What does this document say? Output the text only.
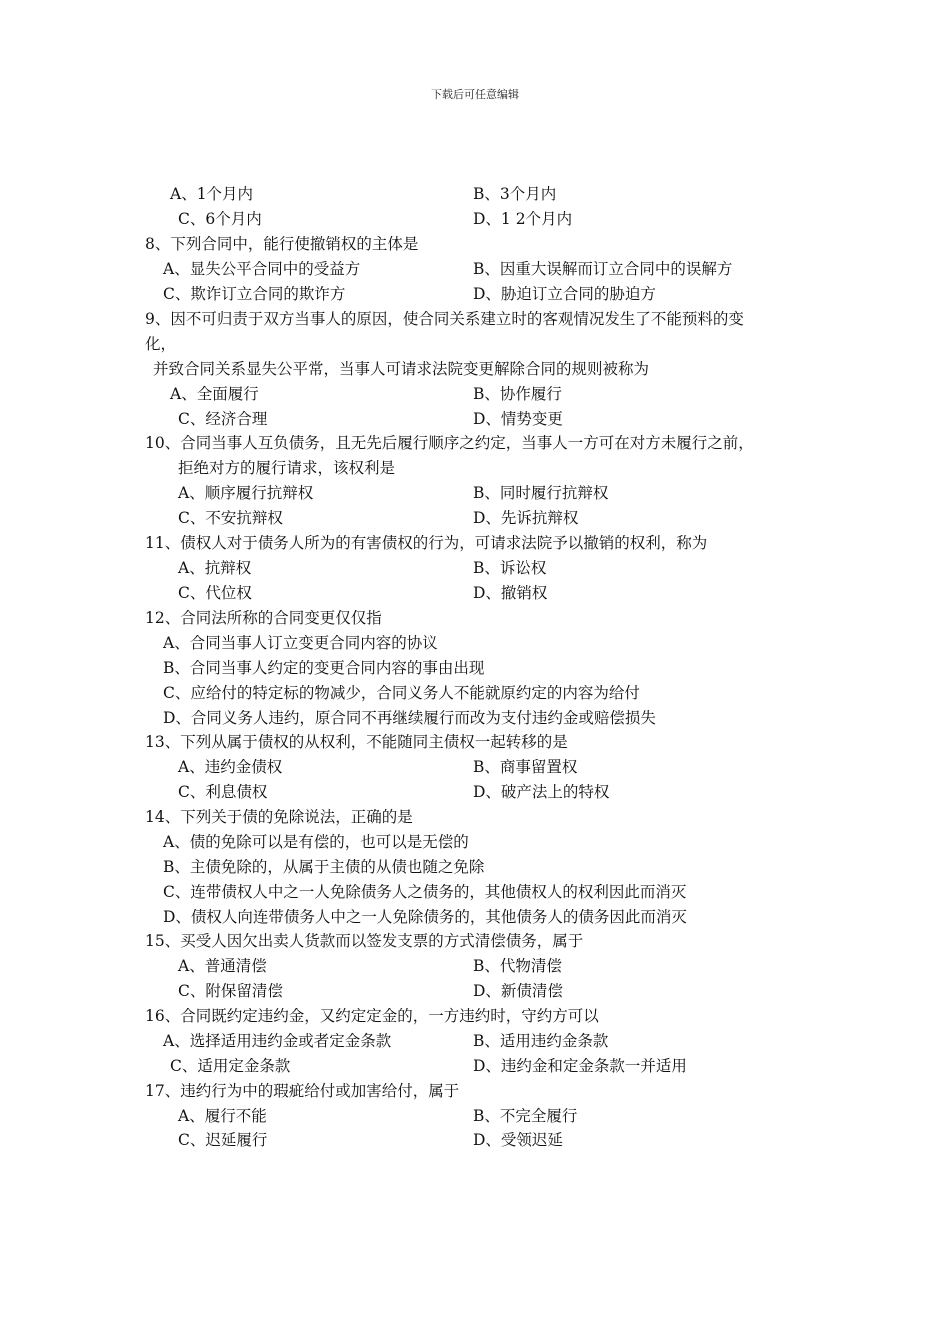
下载后可任意编辑
A、1个月内	B、3个月内
C、6个月内	D、1 2个月内
8、下列合同中，能行使撤销权的主体是
A、显失公平合同中的受益方	B、因重大误解而订立合同中的误解方
C、欺诈订立合同的欺诈方	D、胁迫订立合同的胁迫方
9、因不可归责于双方当事人的原因，使合同关系建立时的客观情况发生了不能预料的变
化，
并致合同关系显失公平常，当事人可请求法院变更解除合同的规则被称为
A、全面履行	B、协作履行
C、经济合理	D、情势变更
10、合同当事人互负债务，且无先后履行顺序之约定，当事人一方可在对方未履行之前，
拒绝对方的履行请求，该权利是
A、顺序履行抗辩权	B、同时履行抗辩权
C、不安抗辩权	D、先诉抗辩权
11、债权人对于债务人所为的有害债权的行为，可请求法院予以撤销的权利，称为
A、抗辩权	B、诉讼权
C、代位权	D、撤销权
12、合同法所称的合同变更仅仅指
A、合同当事人订立变更合同内容的协议
B、合同当事人约定的变更合同内容的事由出现
C、应给付的特定标的物减少，合同义务人不能就原约定的内容为给付
D、合同义务人违约，原合同不再继续履行而改为支付违约金或赔偿损失
13、下列从属于债权的从权利，不能随同主债权一起转移的是
A、违约金债权	B、商事留置权
C、利息债权	D、破产法上的特权
14、下列关于债的免除说法，正确的是
A、债的免除可以是有偿的，也可以是无偿的
B、主债免除的，从属于主债的从债也随之免除
C、连带债权人中之一人免除债务人之债务的，其他债权人的权利因此而消灭
D、债权人向连带债务人中之一人免除债务的，其他债务人的债务因此而消灭
15、买受人因欠出卖人货款而以签发支票的方式清偿债务，属于
A、普通清偿	B、代物清偿
C、附保留清偿	D、新债清偿
16、合同既约定违约金，又约定定金的，一方违约时，守约方可以
A、选择适用违约金或者定金条款	B、适用违约金条款
C、适用定金条款	D、违约金和定金条款一并适用
17、违约行为中的瑕疵给付或加害给付，属于
A、履行不能	B、不完全履行
C、迟延履行	D、受领迟延
